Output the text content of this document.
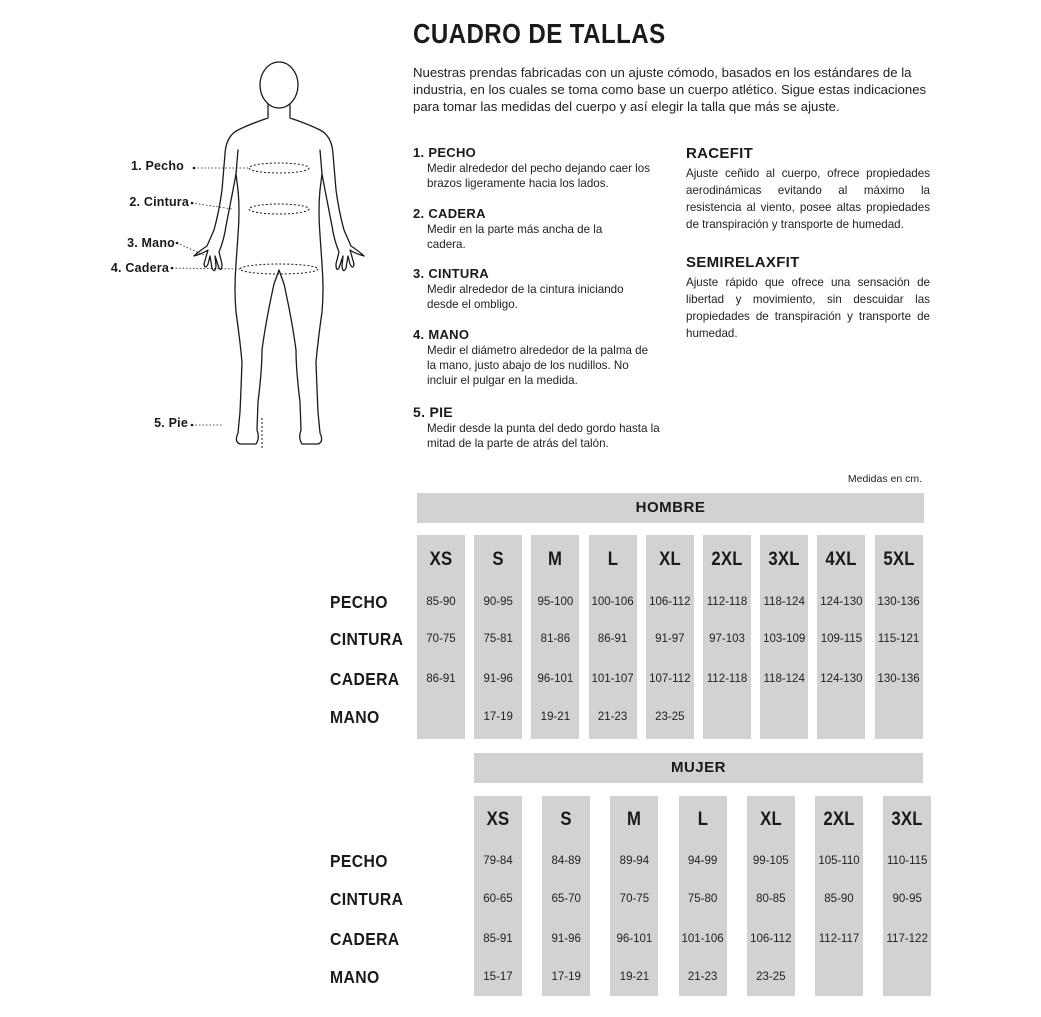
1. Pecho
2. Cintura
3. Mano
4. Cadera
5. Pie
CUADRO DE TALLAS

Nuestras prendas fabricadas con un ajuste cómodo, basados en los estándares de la industria, en los cuales se toma como base un cuerpo atlético. Sigue estas indicaciones para tomar las medidas del cuerpo y así elegir la talla que más se ajuste.

1. PECHO

Medir alrededor del pecho dejando caer los brazos ligeramente hacia los lados.

2. CADERA

Medir en la parte más ancha de la cadera.

3. CINTURA

Medir alrededor de la cintura iniciando desde el ombligo.

4. MANO

Medir el diámetro alrededor de la palma de la mano, justo abajo de los nudillos. No incluir el pulgar en la medida.

5. PIE

Medir desde la punta del dedo gordo hasta la mitad de la parte de atrás del talón.

RACEFIT

Ajuste ceñido al cuerpo, ofrece propiedades aerodinámicas evitando al máximo la resistencia al viento, posee altas propiedades de transpiración y transporte de humedad.

SEMIRELAXFIT

Ajuste rápido que ofrece una sensación de libertad y movimiento, sin descuidar las propiedades de transpiración y transporte de humedad.

Medidas en cm.
HOMBRE
MUJER
XS
85-90
70-75
86-91
S
90-95
75-81
91-96
17-19
M
95-100
81-86
96-101
19-21
L
100-106
86-91
101-107
21-23
XL
106-112
91-97
107-112
23-25
2XL
112-118
97-103
112-118
3XL
118-124
103-109
118-124
4XL
124-130
109-115
124-130
5XL
130-136
115-121
130-136
XS
79-84
60-65
85-91
15-17
S
84-89
65-70
91-96
17-19
M
89-94
70-75
96-101
19-21
L
94-99
75-80
101-106
21-23
XL
99-105
80-85
106-112
23-25
2XL
105-110
85-90
112-117
3XL
110-115
90-95
117-122
PECHO
CINTURA
CADERA
MANO
PECHO
CINTURA
CADERA
MANO
